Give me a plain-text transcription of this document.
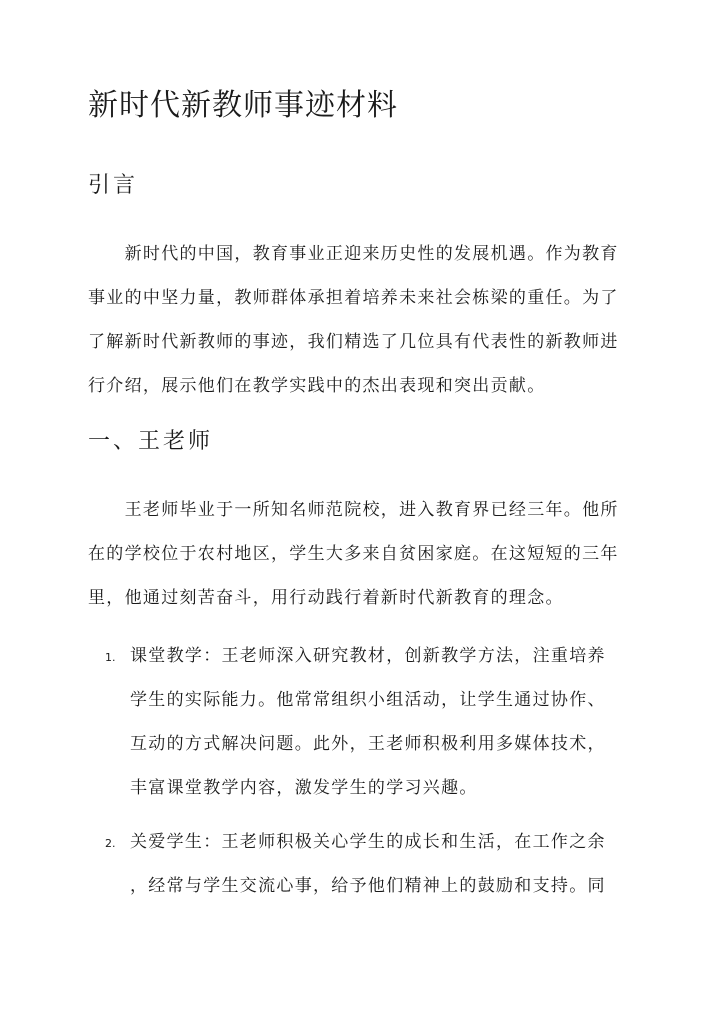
新时代新教师事迹材料
引言

　　新时代的中国，教育事业正迎来历史性的发展机遇。作为教育
事业的中坚力量，教师群体承担着培养未来社会栋梁的重任。为了
了解新时代新教师的事迹，我们精选了几位具有代表性的新教师进
行介绍，展示他们在教学实践中的杰出表现和突出贡献。

一、王老师

　　王老师毕业于一所知名师范院校，进入教育界已经三年。他所
在的学校位于农村地区，学生大多来自贫困家庭。在这短短的三年
里，他通过刻苦奋斗，用行动践行着新时代新教育的理念。

1. 课堂教学：王老师深入研究教材，创新教学方法，注重培养
学生的实际能力。他常常组织小组活动，让学生通过协作、
互动的方式解决问题。此外，王老师积极利用多媒体技术，
丰富课堂教学内容，激发学生的学习兴趣。
2. 关爱学生：王老师积极关心学生的成长和生活，在工作之余
，经常与学生交流心事，给予他们精神上的鼓励和支持。同
